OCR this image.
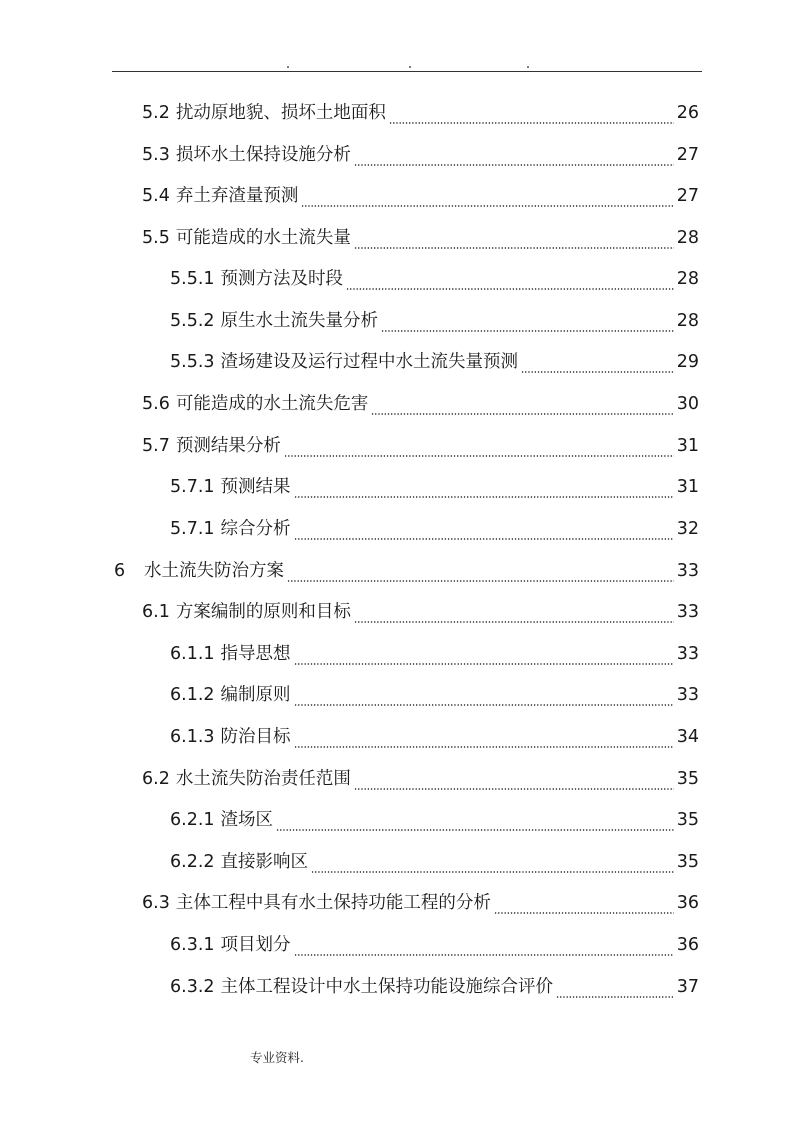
5.2 扰动原地貌、损坏土地面积	26
5.3 损坏水土保持设施分析	27
5.4 弃土弃渣量预测	27
5.5 可能造成的水土流失量	28
5.5.1 预测方法及时段	28
5.5.2 原生水土流失量分析	28
5.5.3 渣场建设及运行过程中水土流失量预测	29
5.6 可能造成的水土流失危害	30
5.7 预测结果分析	31
5.7.1 预测结果	31
5.7.1 综合分析	32
6	水土流失防治方案	33
6.1 方案编制的原则和目标	33
6.1.1 指导思想	33
6.1.2 编制原则	33
6.1.3 防治目标	34
6.2 水土流失防治责任范围	35
6.2.1 渣场区	35
6.2.2 直接影响区	35
6.3 主体工程中具有水土保持功能工程的分析	36
6.3.1 项目划分	36
6.3.2 主体工程设计中水土保持功能设施综合评价	37
专业资料.
